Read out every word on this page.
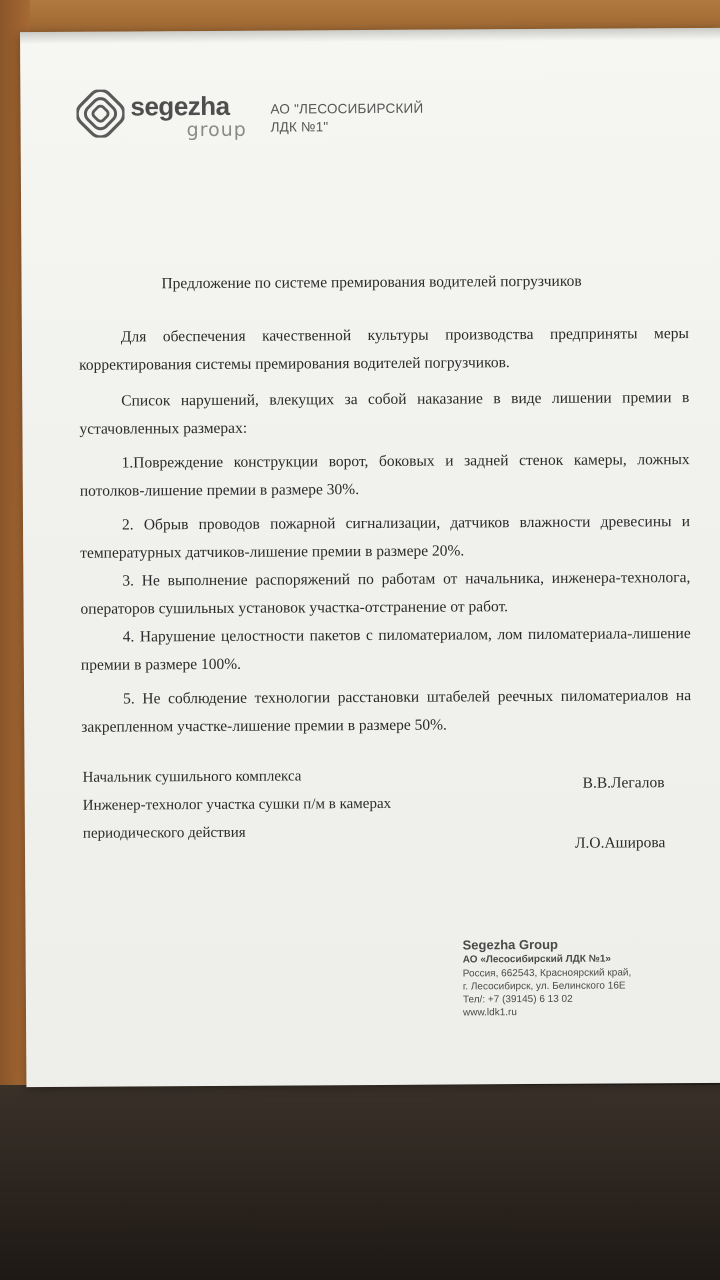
segezha
group
АО "ЛЕСОСИБИРСКИЙ
ЛДК №1"
Предложение по системе премирования водителей погрузчиков
Для обеспечения качественной культуры производства предприняты меры корректирования системы премирования водителей погрузчиков.
Список нарушений, влекущих за собой наказание в виде лишении премии в устачовленных размерах:
1.Повреждение конструкции ворот, боковых и задней стенок камеры, ложных потолков-лишение премии в размере 30%.
2. Обрыв проводов пожарной сигнализации, датчиков влажности древесины и температурных датчиков-лишение премии в размере 20%.
3. Не выполнение распоряжений по работам от начальника, инженера-технолога, операторов сушильных установок участка-отстранение от работ.
4. Нарушение целостности пакетов с пиломатериалом, лом пиломатериала-лишение премии в размере 100%.
5. Не соблюдение технологии расстановки штабелей реечных пиломатериалов на закрепленном участке-лишение премии в размере 50%.
Начальник сушильного комплекса
Инженер-технолог участка сушки п/м в камерах
периодического действия
В.В.Легалов
Л.О.Аширова
Segezha Group
АО «Лесосибирский ЛДК №1»
Россия, 662543, Красноярский край,
г. Лесосибирск, ул. Белинского 16Е
Тел/: +7 (39145) 6 13 02
www.ldk1.ru
